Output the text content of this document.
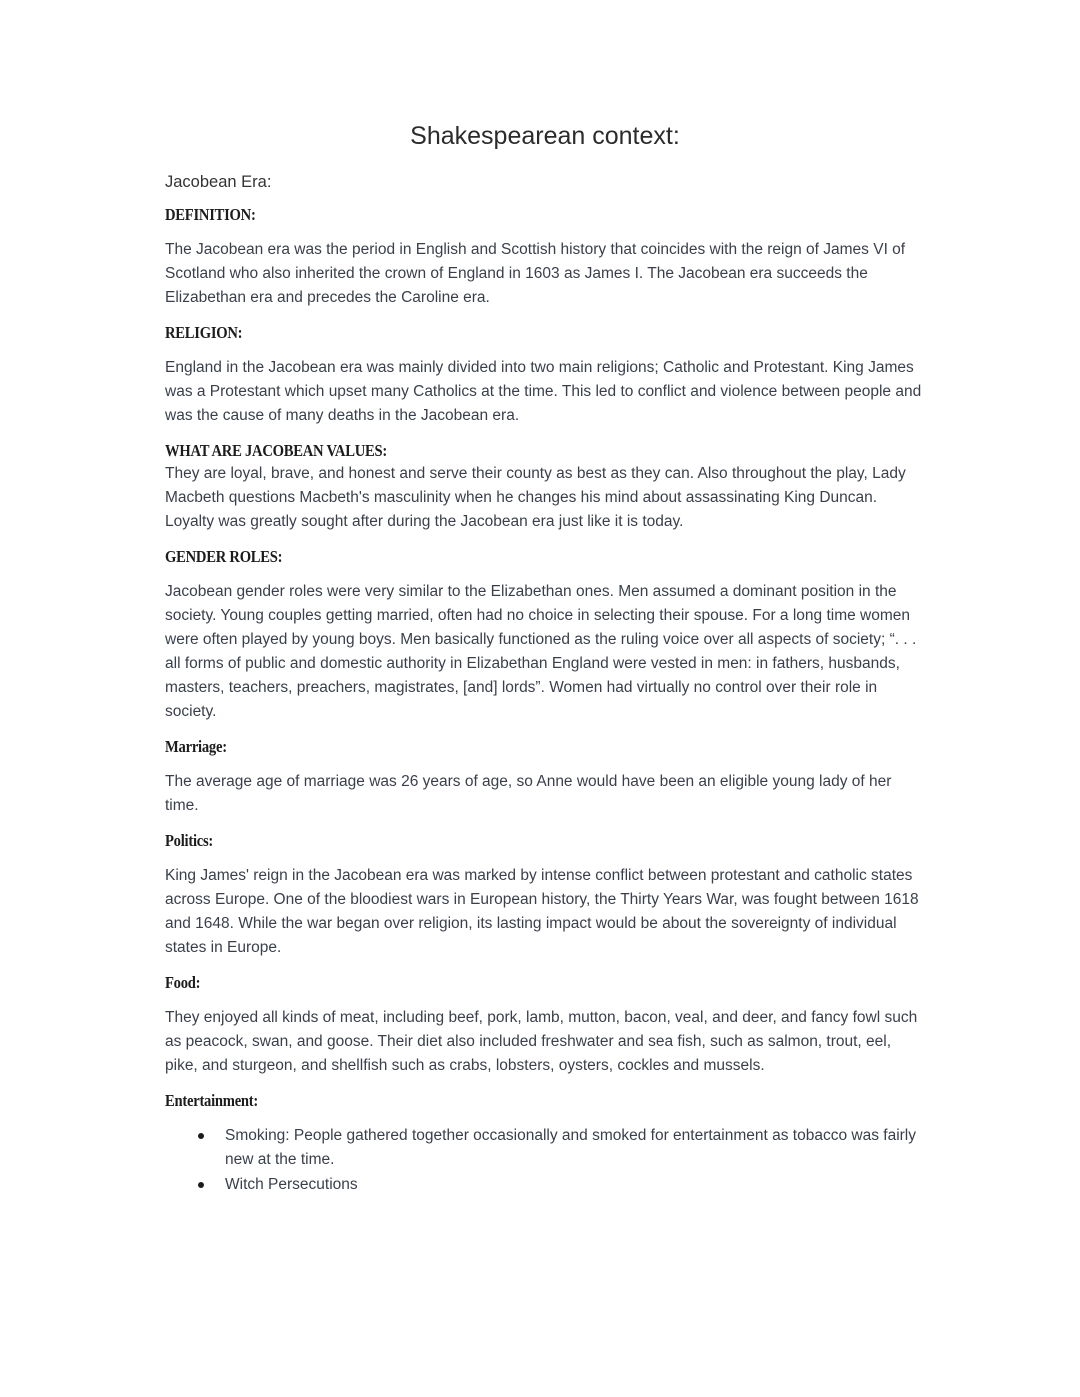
Shakespearean context:
Jacobean Era:
DEFINITION:

The Jacobean era was the period in English and Scottish history that coincides with the reign of James VI of Scotland who also inherited the crown of England in 1603 as James I. The Jacobean era succeeds the Elizabethan era and precedes the Caroline era.

RELIGION:

England in the Jacobean era was mainly divided into two main religions; Catholic and Protestant. King James was a Protestant which upset many Catholics at the time. This led to conflict and violence between people and was the cause of many deaths in the Jacobean era.

WHAT ARE JACOBEAN VALUES:

They are loyal, brave, and honest and serve their county as best as they can. Also throughout the play, Lady Macbeth questions Macbeth's masculinity when he changes his mind about assassinating King Duncan. Loyalty was greatly sought after during the Jacobean era just like it is today.

GENDER ROLES:

Jacobean gender roles were very similar to the Elizabethan ones. Men assumed a dominant position in the society. Young couples getting married, often had no choice in selecting their spouse. For a long time women were often played by young boys. Men basically functioned as the ruling voice over all aspects of society; “. . . all forms of public and domestic authority in Elizabethan England were vested in men: in fathers, husbands, masters, teachers, preachers, magistrates, [and] lords”. Women had virtually no control over their role in society.

Marriage:

The average age of marriage was 26 years of age, so Anne would have been an eligible young lady of her time.

Politics:

King James' reign in the Jacobean era was marked by intense conflict between protestant and catholic states across Europe. One of the bloodiest wars in European history, the Thirty Years War, was fought between 1618 and 1648. While the war began over religion, its lasting impact would be about the sovereignty of individual states in Europe.

Food:

They enjoyed all kinds of meat, including beef, pork, lamb, mutton, bacon, veal, and deer, and fancy fowl such as peacock, swan, and goose. Their diet also included freshwater and sea fish, such as salmon, trout, eel, pike, and sturgeon, and shellfish such as crabs, lobsters, oysters, cockles and mussels.

Entertainment:
Smoking: People gathered together occasionally and smoked for entertainment as tobacco was fairly new at the time.
Witch Persecutions
